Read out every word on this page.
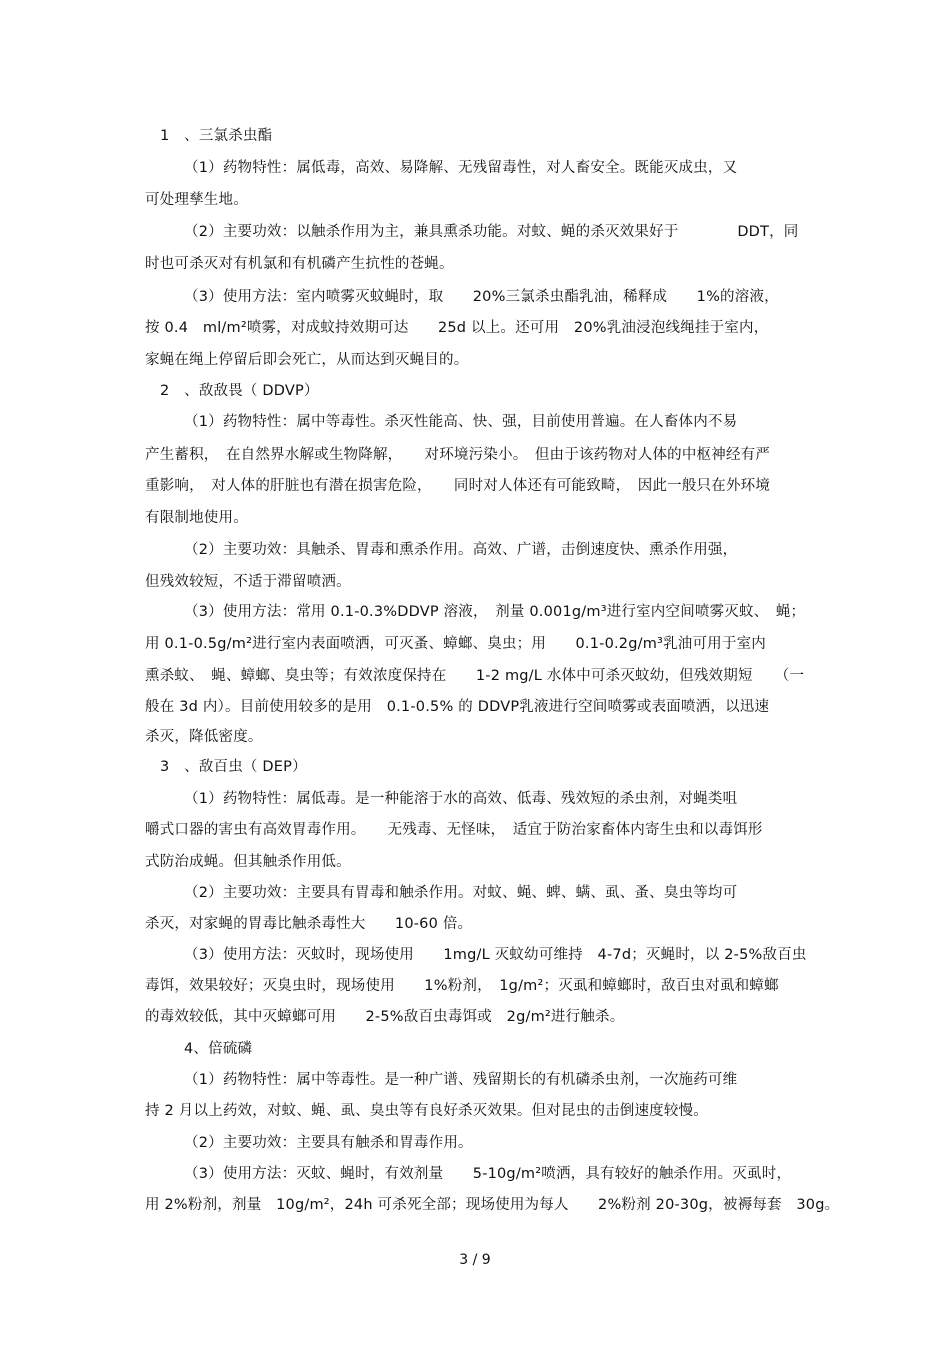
1　、三氯杀虫酯
（1）药物特性：属低毒，高效、易降解、无残留毒性，对人畜安全。既能灭成虫，又
可处理孳生地。
（2）主要功效：以触杀作用为主，兼具熏杀功能。对蚊、蝇的杀灭效果好于　　　　DDT，同
时也可杀灭对有机氯和有机磷产生抗性的苍蝇。
（3）使用方法：室内喷雾灭蚊蝇时，取　　20%三氯杀虫酯乳油，稀释成　　1%的溶液，
按 0.4　ml/m²喷雾，对成蚊持效期可达　　25d 以上。还可用　20%乳油浸泡线绳挂于室内，
家蝇在绳上停留后即会死亡，从而达到灭蝇目的。
2　、敌敌畏（ DDVP）
（1）药物特性：属中等毒性。杀灭性能高、快、强，目前使用普遍。在人畜体内不易
产生蓄积，　在自然界水解或生物降解，　　对环境污染小。　但由于该药物对人体的中枢神经有严
重影响，　对人体的肝脏也有潜在损害危险，　　同时对人体还有可能致畸，　因此一般只在外环境
有限制地使用。
（2）主要功效：具触杀、胃毒和熏杀作用。高效、广谱，击倒速度快、熏杀作用强，
但残效较短，不适于滞留喷洒。
（3）使用方法：常用 0.1-0.3%DDVP 溶液，　剂量 0.001g/m³进行室内空间喷雾灭蚊、　蝇；
用 0.1-0.5g/m²进行室内表面喷洒，可灭蚤、蟑螂、臭虫；用　　0.1-0.2g/m³乳油可用于室内
熏杀蚊、　蝇、蟑螂、臭虫等；有效浓度保持在　　1-2 mg/L 水体中可杀灭蚊幼，但残效期短　　（一
般在 3d 内）。目前使用较多的是用　0.1-0.5% 的 DDVP乳液进行空间喷雾或表面喷洒，以迅速
杀灭，降低密度。
3　、敌百虫（ DEP）
（1）药物特性：属低毒。是一种能溶于水的高效、低毒、残效短的杀虫剂，对蝇类咀
嚼式口器的害虫有高效胃毒作用。　　无残毒、无怪味，　适宜于防治家畜体内寄生虫和以毒饵形
式防治成蝇。但其触杀作用低。
（2）主要功效：主要具有胃毒和触杀作用。对蚊、蝇、蜱、螨、虱、蚤、臭虫等均可
杀灭，对家蝇的胃毒比触杀毒性大　　10-60 倍。
（3）使用方法：灭蚊时，现场使用　　1mg/L 灭蚊幼可维持　4-7d；灭蝇时，以 2-5%敌百虫
毒饵，效果较好；灭臭虫时，现场使用　　1%粉剂，　1g/m²；灭虱和蟑螂时，敌百虫对虱和蟑螂
的毒效较低，其中灭蟑螂可用　　2-5%敌百虫毒饵或　2g/m²进行触杀。
4、倍硫磷
（1）药物特性：属中等毒性。是一种广谱、残留期长的有机磷杀虫剂，一次施药可维
持 2 月以上药效，对蚊、蝇、虱、臭虫等有良好杀灭效果。但对昆虫的击倒速度较慢。
（2）主要功效：主要具有触杀和胃毒作用。
（3）使用方法：灭蚊、蝇时，有效剂量　　5-10g/m²喷洒，具有较好的触杀作用。灭虱时，
用 2%粉剂，剂量　10g/m²，24h 可杀死全部；现场使用为每人　　2%粉剂 20-30g，被褥每套　30g。
3 / 9
